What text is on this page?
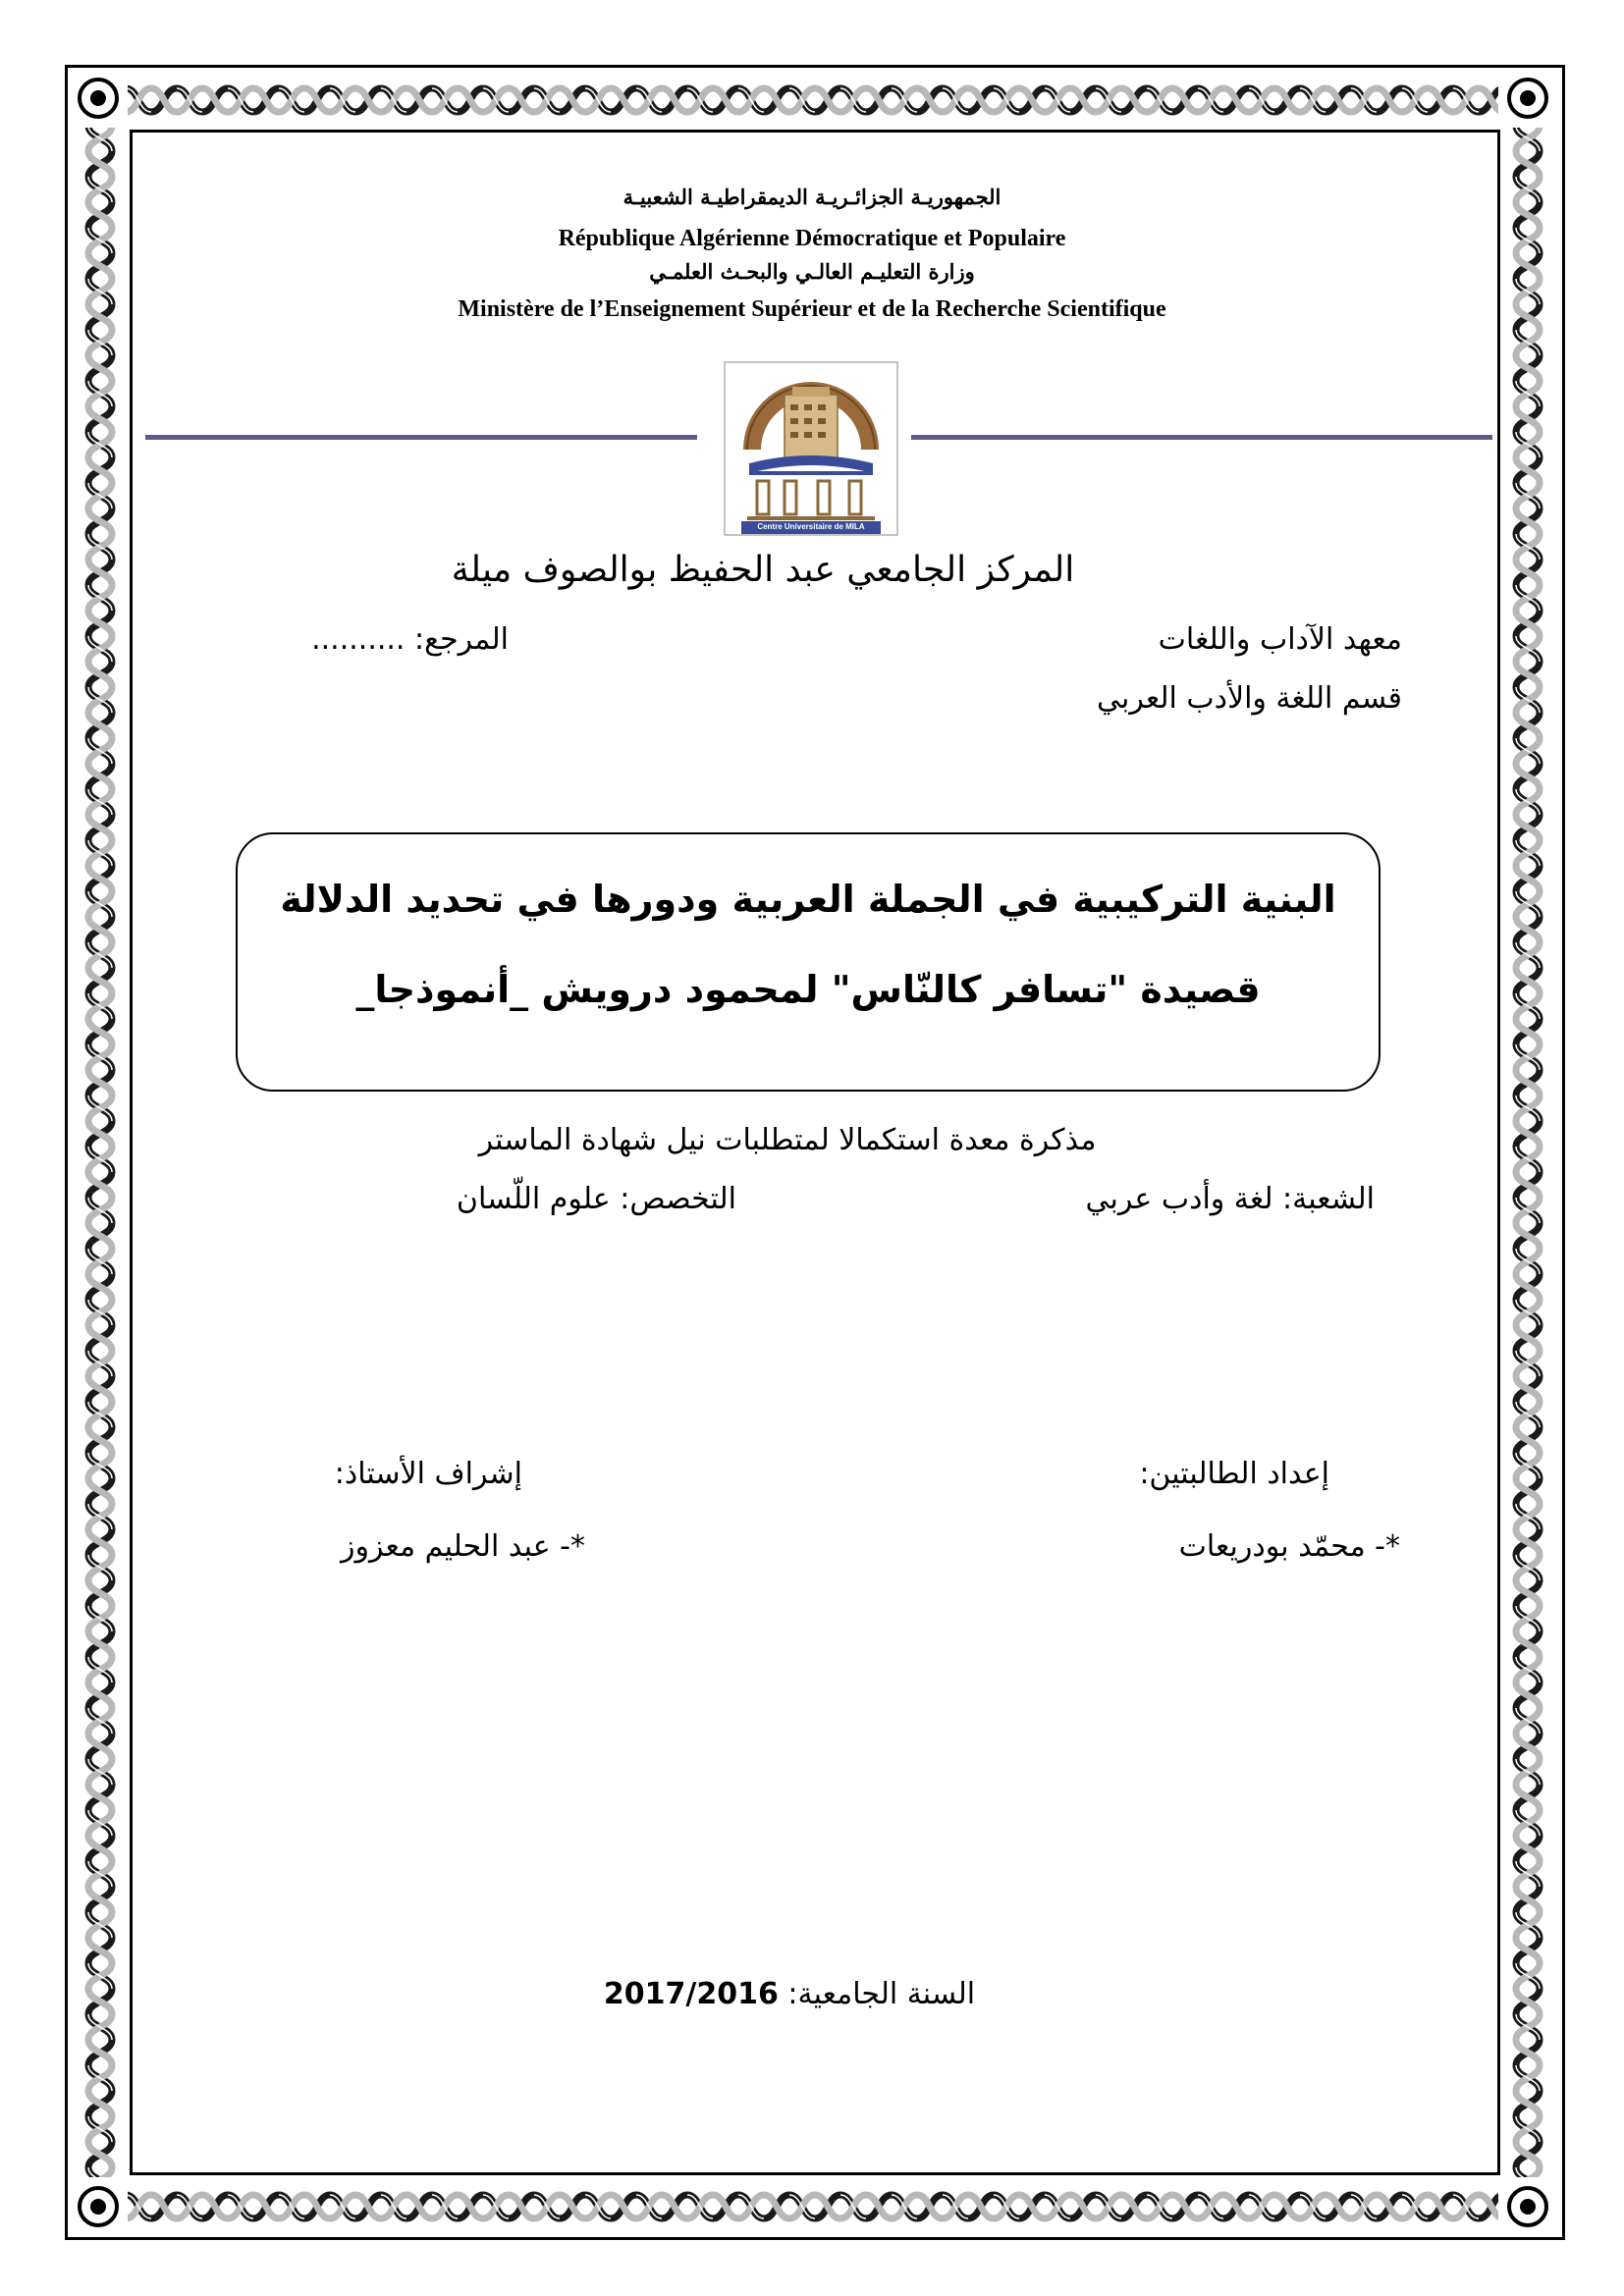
الجمهوريـة الجزائـريـة الديمقراطيـة الشعبيـة
République Algérienne Démocratique et Populaire
وزارة التعليـم العالـي والبحـث العلمـي
Ministère de l’Enseignement Supérieur et de la Recherche Scientifique
Centre Universitaire de MILA
المركز الجامعي عبد الحفيظ بوالصوف ميلة
معهد الآداب واللغات
المرجع: ..........
قسم اللغة والأدب العربي
البنية التركيبية في الجملة العربية ودورها في تحديد الدلالة
قصيدة "تسافر كالنّاس" لمحمود درويش _أنموذجا_
مذكرة معدة استكمالا لمتطلبات نيل شهادة الماستر
الشعبة: لغة وأدب عربي
التخصص: علوم اللّسان
إعداد الطالبتين:
*- محمّد بودريعات
إشراف الأستاذ:
*- عبد الحليم معزوز
السنة الجامعية: 2017/2016
